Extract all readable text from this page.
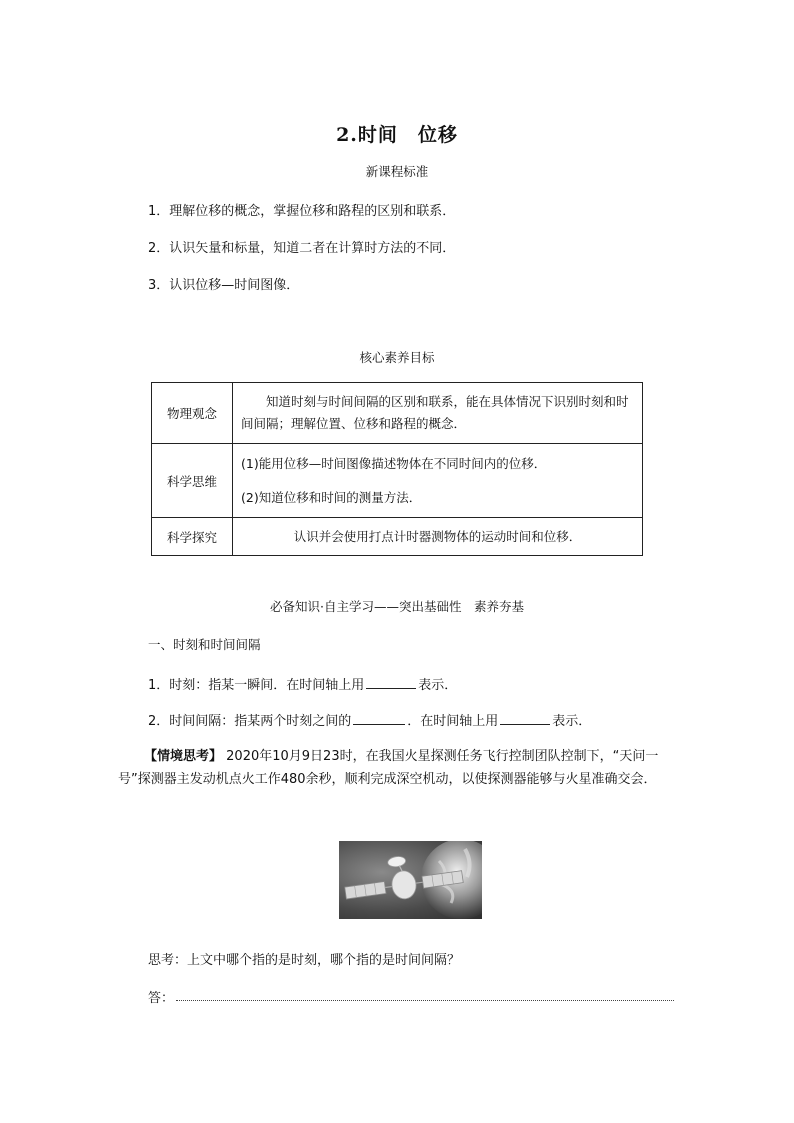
2.时间　位移
新课程标准
1．理解位移的概念，掌握位移和路程的区别和联系．
2．认识矢量和标量，知道二者在计算时方法的不同．
3．认识位移—时间图像．
核心素养目标
物理观念	知道时刻与时间间隔的区别和联系，能在具体情况下识别时刻和时间间隔；理解位置、位移和路程的概念．
科学思维	(1)能用位移—时间图像描述物体在不同时间内的位移．
(2)知道位移和时间的测量方法．

科学探究	认识并会使用打点计时器测物体的运动时间和位移．
必备知识·自主学习——突出基础性　素养夯基
一、时刻和时间间隔
1．时刻：指某一瞬间．在时间轴上用	表示．
2．时间间隔：指某两个时刻之间的	．在时间轴上用	表示．
【情境思考】 2020年10月9日23时，在我国火星探测任务飞行控制团队控制下，“天问一号”探测器主发动机点火工作480余秒，顺利完成深空机动，以使探测器能够与火星准确交会．
思考：上文中哪个指的是时刻，哪个指的是时间间隔？
答：
